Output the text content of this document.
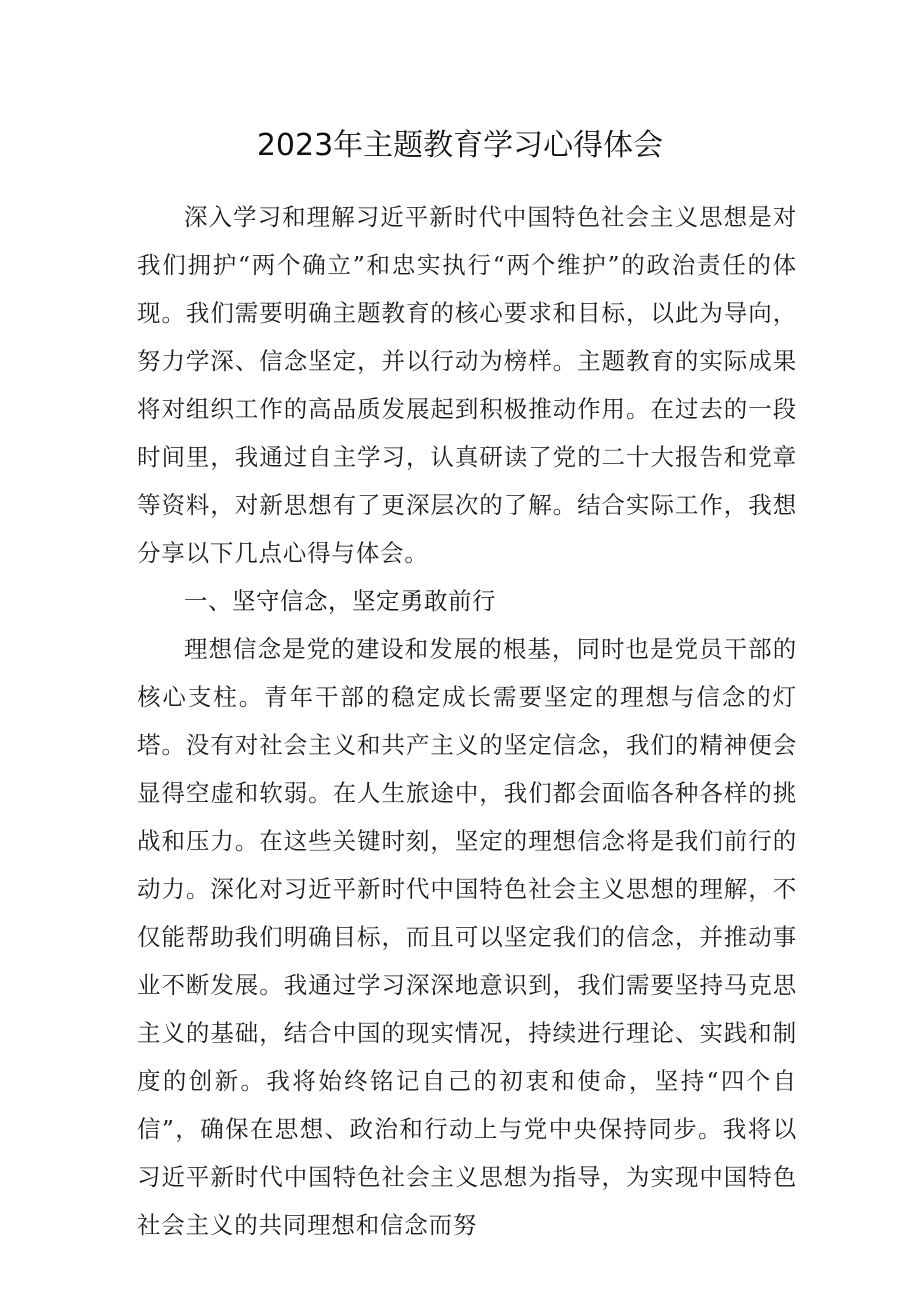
2023年主题教育学习心得体会

深入学习和理解习近平新时代中国特色社会主义思想是对我们拥护“两个确立”和忠实执行“两个维护”的政治责任的体现。我们需要明确主题教育的核心要求和目标，以此为导向，努力学深、信念坚定，并以行动为榜样。主题教育的实际成果将对组织工作的高品质发展起到积极推动作用。在过去的一段时间里，我通过自主学习，认真研读了党的二十大报告和党章等资料，对新思想有了更深层次的了解。结合实际工作，我想分享以下几点心得与体会。

一、坚守信念，坚定勇敢前行

理想信念是党的建设和发展的根基，同时也是党员干部的核心支柱。青年干部的稳定成长需要坚定的理想与信念的灯塔。没有对社会主义和共产主义的坚定信念，我们的精神便会显得空虚和软弱。在人生旅途中，我们都会面临各种各样的挑战和压力。在这些关键时刻，坚定的理想信念将是我们前行的动力。深化对习近平新时代中国特色社会主义思想的理解，不仅能帮助我们明确目标，而且可以坚定我们的信念，并推动事业不断发展。我通过学习深深地意识到，我们需要坚持马克思主义的基础，结合中国的现实情况，持续进行理论、实践和制度的创新。我将始终铭记自己的初衷和使命，坚持“四个自信”，确保在思想、政治和行动上与党中央保持同步。我将以习近平新时代中国特色社会主义思想为指导，为实现中国特色社会主义的共同理想和信念而努
